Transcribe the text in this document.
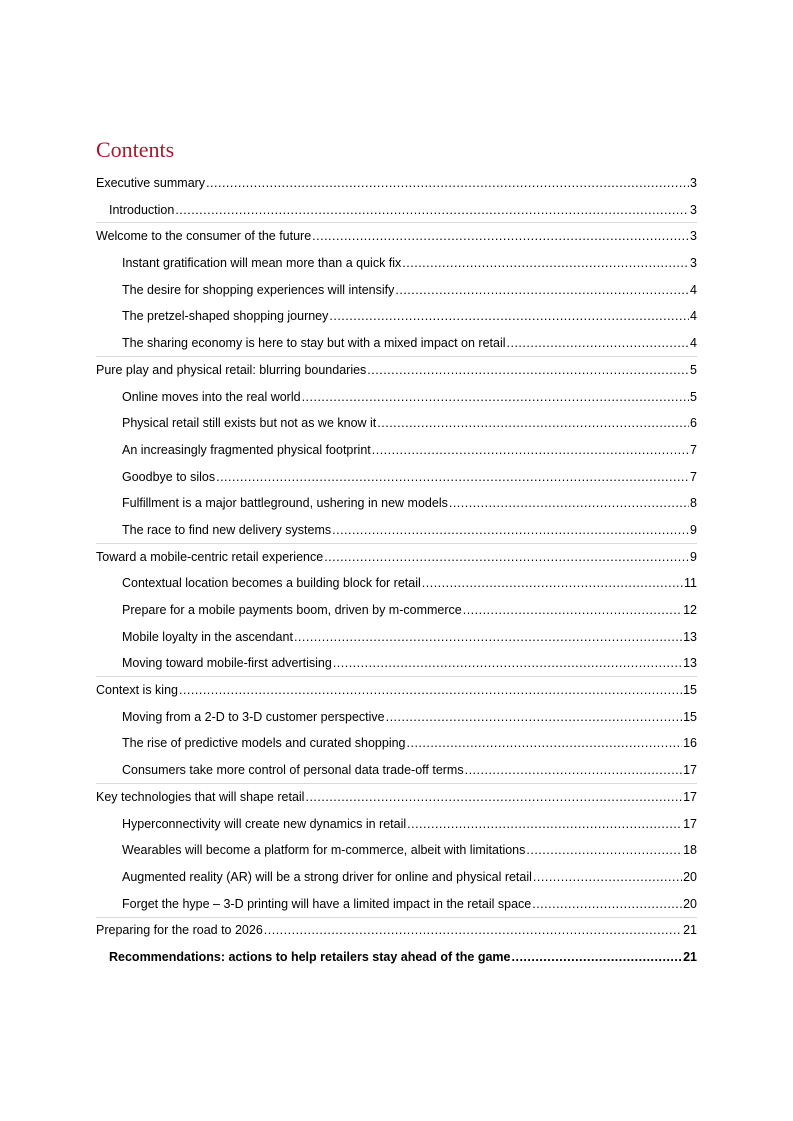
Contents
Executive summary .....	3
Introduction .....	3
Welcome to the consumer of the future .....	3
Instant gratification will mean more than a quick fix .....	3
The desire for shopping experiences will intensify .....	4
The pretzel-shaped shopping journey .....	4
The sharing economy is here to stay but with a mixed impact on retail .....	4
Pure play and physical retail: blurring boundaries .....	5
Online moves into the real world .....	5
Physical retail still exists but not as we know it .....	6
An increasingly fragmented physical footprint .....	7
Goodbye to silos .....	7
Fulfillment is a major battleground, ushering in new models .....	8
The race to find new delivery systems .....	9
Toward a mobile-centric retail experience .....	9
Contextual location becomes a building block for retail .....	11
Prepare for a mobile payments boom, driven by m-commerce .....	12
Mobile loyalty in the ascendant .....	13
Moving toward mobile-first advertising .....	13
Context is king .....	15
Moving from a 2-D to 3-D customer perspective .....	15
The rise of predictive models and curated shopping .....	16
Consumers take more control of personal data trade-off terms .....	17
Key technologies that will shape retail .....	17
Hyperconnectivity will create new dynamics in retail .....	17
Wearables will become a platform for m-commerce, albeit with limitations .....	18
Augmented reality (AR) will be a strong driver for online and physical retail .....	20
Forget the hype – 3-D printing will have a limited impact in the retail space .....	20
Preparing for the road to 2026 .....	21
Recommendations: actions to help retailers stay ahead of the game .....	21
